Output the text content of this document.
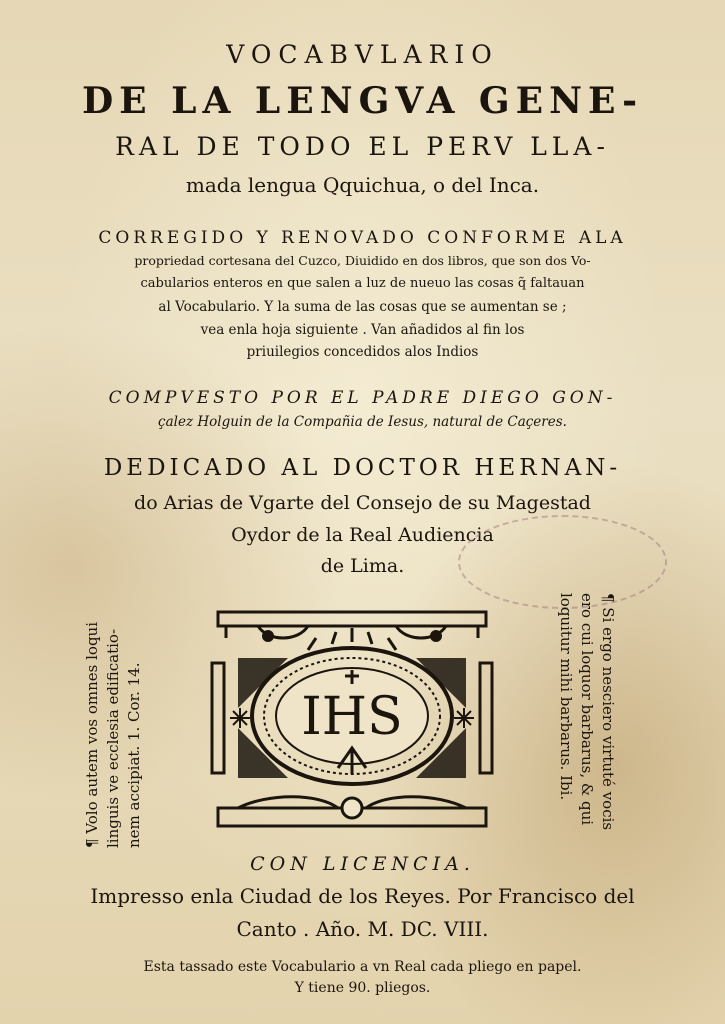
VOCABVLARIO

DE LA LENGVA GENE-

RAL DE TODO EL PERV LLA-

mada lengua Qquichua, o del Inca.

CORREGIDO Y RENOVADO CONFORME ALA

propriedad cortesana del Cuzco, Diuidido en dos libros, que son dos Vo-

cabularios enteros en que salen a luz de nueuo las cosas q̃ faltauan

al Vocabulario. Y la suma de las cosas que se aumentan se ;

vea enla hoja siguiente . Van añadidos al fin los

priuilegios concedidos alos Indios

COMPVESTO POR EL PADRE DIEGO GON-

çalez Holguin de la Compañia de Iesus, natural de Caçeres.

DEDICADO AL DOCTOR HERNAN-

do Arias de Vgarte del Consejo de su Magestad

Oydor de la Real Audiencia

de Lima.

¶ Volo autem vos omnes loqui linguis ve ecclesia edificatio- nem accipiat. 1. Cor. 14.	¶ Si ergo nesciero virtuté vocis
ero cui loquor barbarus, & qui
loquitur mihi barbarus. Ibi.
IHS

CON LICENCIA.

Impresso enla Ciudad de los Reyes. Por Francisco del

Canto . Año. M. DC. VIII.

Esta tassado este Vocabulario a vn Real cada pliego en papel.

Y tiene 90. pliegos.
